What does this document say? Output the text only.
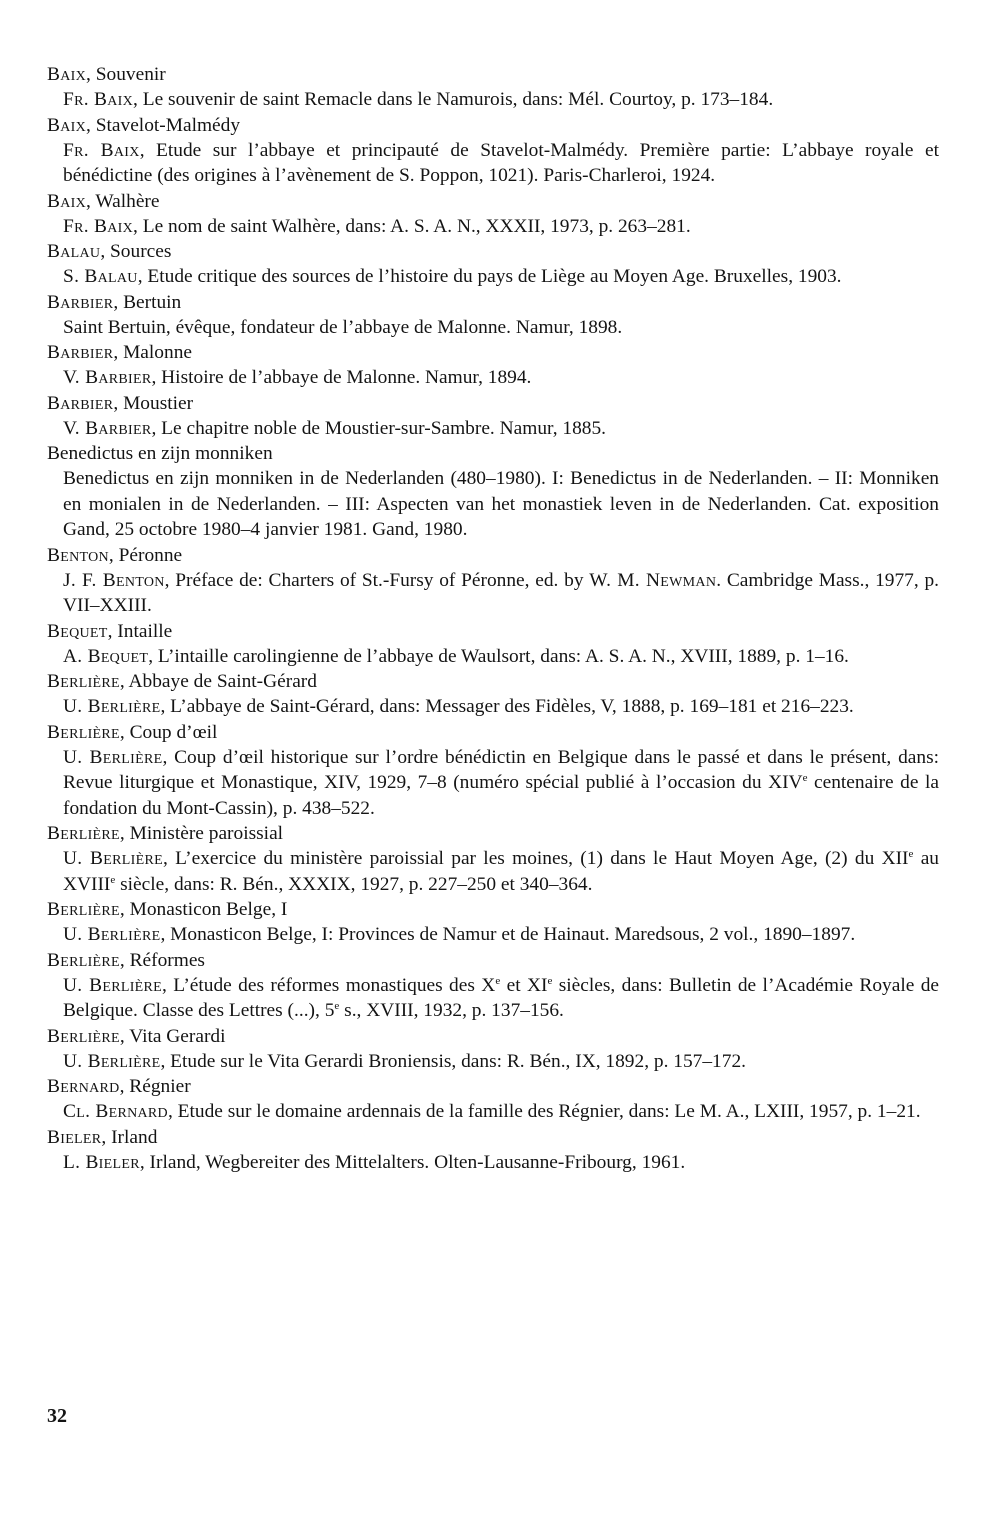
Baix, Souvenir

Fr. Baix, Le souvenir de saint Remacle dans le Namurois, dans: Mél. Courtoy, p. 173–184.

Baix, Stavelot-Malmédy

Fr. Baix, Etude sur l’abbaye et principauté de Stavelot-Malmédy. Première partie: L’abbaye royale et bénédictine (des origines à l’avènement de S. Poppon, 1021). Paris-Charleroi, 1924.

Baix, Walhère

Fr. Baix, Le nom de saint Walhère, dans: A. S. A. N., XXXII, 1973, p. 263–281.

Balau, Sources

S. Balau, Etude critique des sources de l’histoire du pays de Liège au Moyen Age. Bruxelles, 1903.

Barbier, Bertuin

Saint Bertuin, évêque, fondateur de l’abbaye de Malonne. Namur, 1898.

Barbier, Malonne

V. Barbier, Histoire de l’abbaye de Malonne. Namur, 1894.

Barbier, Moustier

V. Barbier, Le chapitre noble de Moustier-sur-Sambre. Namur, 1885.

Benedictus en zijn monniken

Benedictus en zijn monniken in de Nederlanden (480–1980). I: Benedictus in de Nederlanden. – II: Monniken en monialen in de Nederlanden. – III: Aspecten van het monastiek leven in de Nederlanden. Cat. exposition Gand, 25 octobre 1980–4 janvier 1981. Gand, 1980.

Benton, Péronne

J. F. Benton, Préface de: Charters of St.-Fursy of Péronne, ed. by W. M. Newman. Cambridge Mass., 1977, p. VII–XXIII.

Bequet, Intaille

A. Bequet, L’intaille carolingienne de l’abbaye de Waulsort, dans: A. S. A. N., XVIII, 1889, p. 1–16.

Berlière, Abbaye de Saint-Gérard

U. Berlière, L’abbaye de Saint-Gérard, dans: Messager des Fidèles, V, 1888, p. 169–181 et 216–223.

Berlière, Coup d’œil

U. Berlière, Coup d’œil historique sur l’ordre bénédictin en Belgique dans le passé et dans le présent, dans: Revue liturgique et Monastique, XIV, 1929, 7–8 (numéro spécial publié à l’occasion du XIVe centenaire de la fondation du Mont-Cassin), p. 438–522.

Berlière, Ministère paroissial

U. Berlière, L’exercice du ministère paroissial par les moines, (1) dans le Haut Moyen Age, (2) du XIIe au XVIIIe siècle, dans: R. Bén., XXXIX, 1927, p. 227–250 et 340–364.

Berlière, Monasticon Belge, I

U. Berlière, Monasticon Belge, I: Provinces de Namur et de Hainaut. Maredsous, 2 vol., 1890–1897.

Berlière, Réformes

U. Berlière, L’étude des réformes monastiques des Xe et XIe siècles, dans: Bulletin de l’Académie Royale de Belgique. Classe des Lettres (...), 5e s., XVIII, 1932, p. 137–156.

Berlière, Vita Gerardi

U. Berlière, Etude sur le Vita Gerardi Broniensis, dans: R. Bén., IX, 1892, p. 157–172.

Bernard, Régnier

Cl. Bernard, Etude sur le domaine ardennais de la famille des Régnier, dans: Le M. A., LXIII, 1957, p. 1–21.

Bieler, Irland

L. Bieler, Irland, Wegbereiter des Mittelalters. Olten-Lausanne-Fribourg, 1961.

32
